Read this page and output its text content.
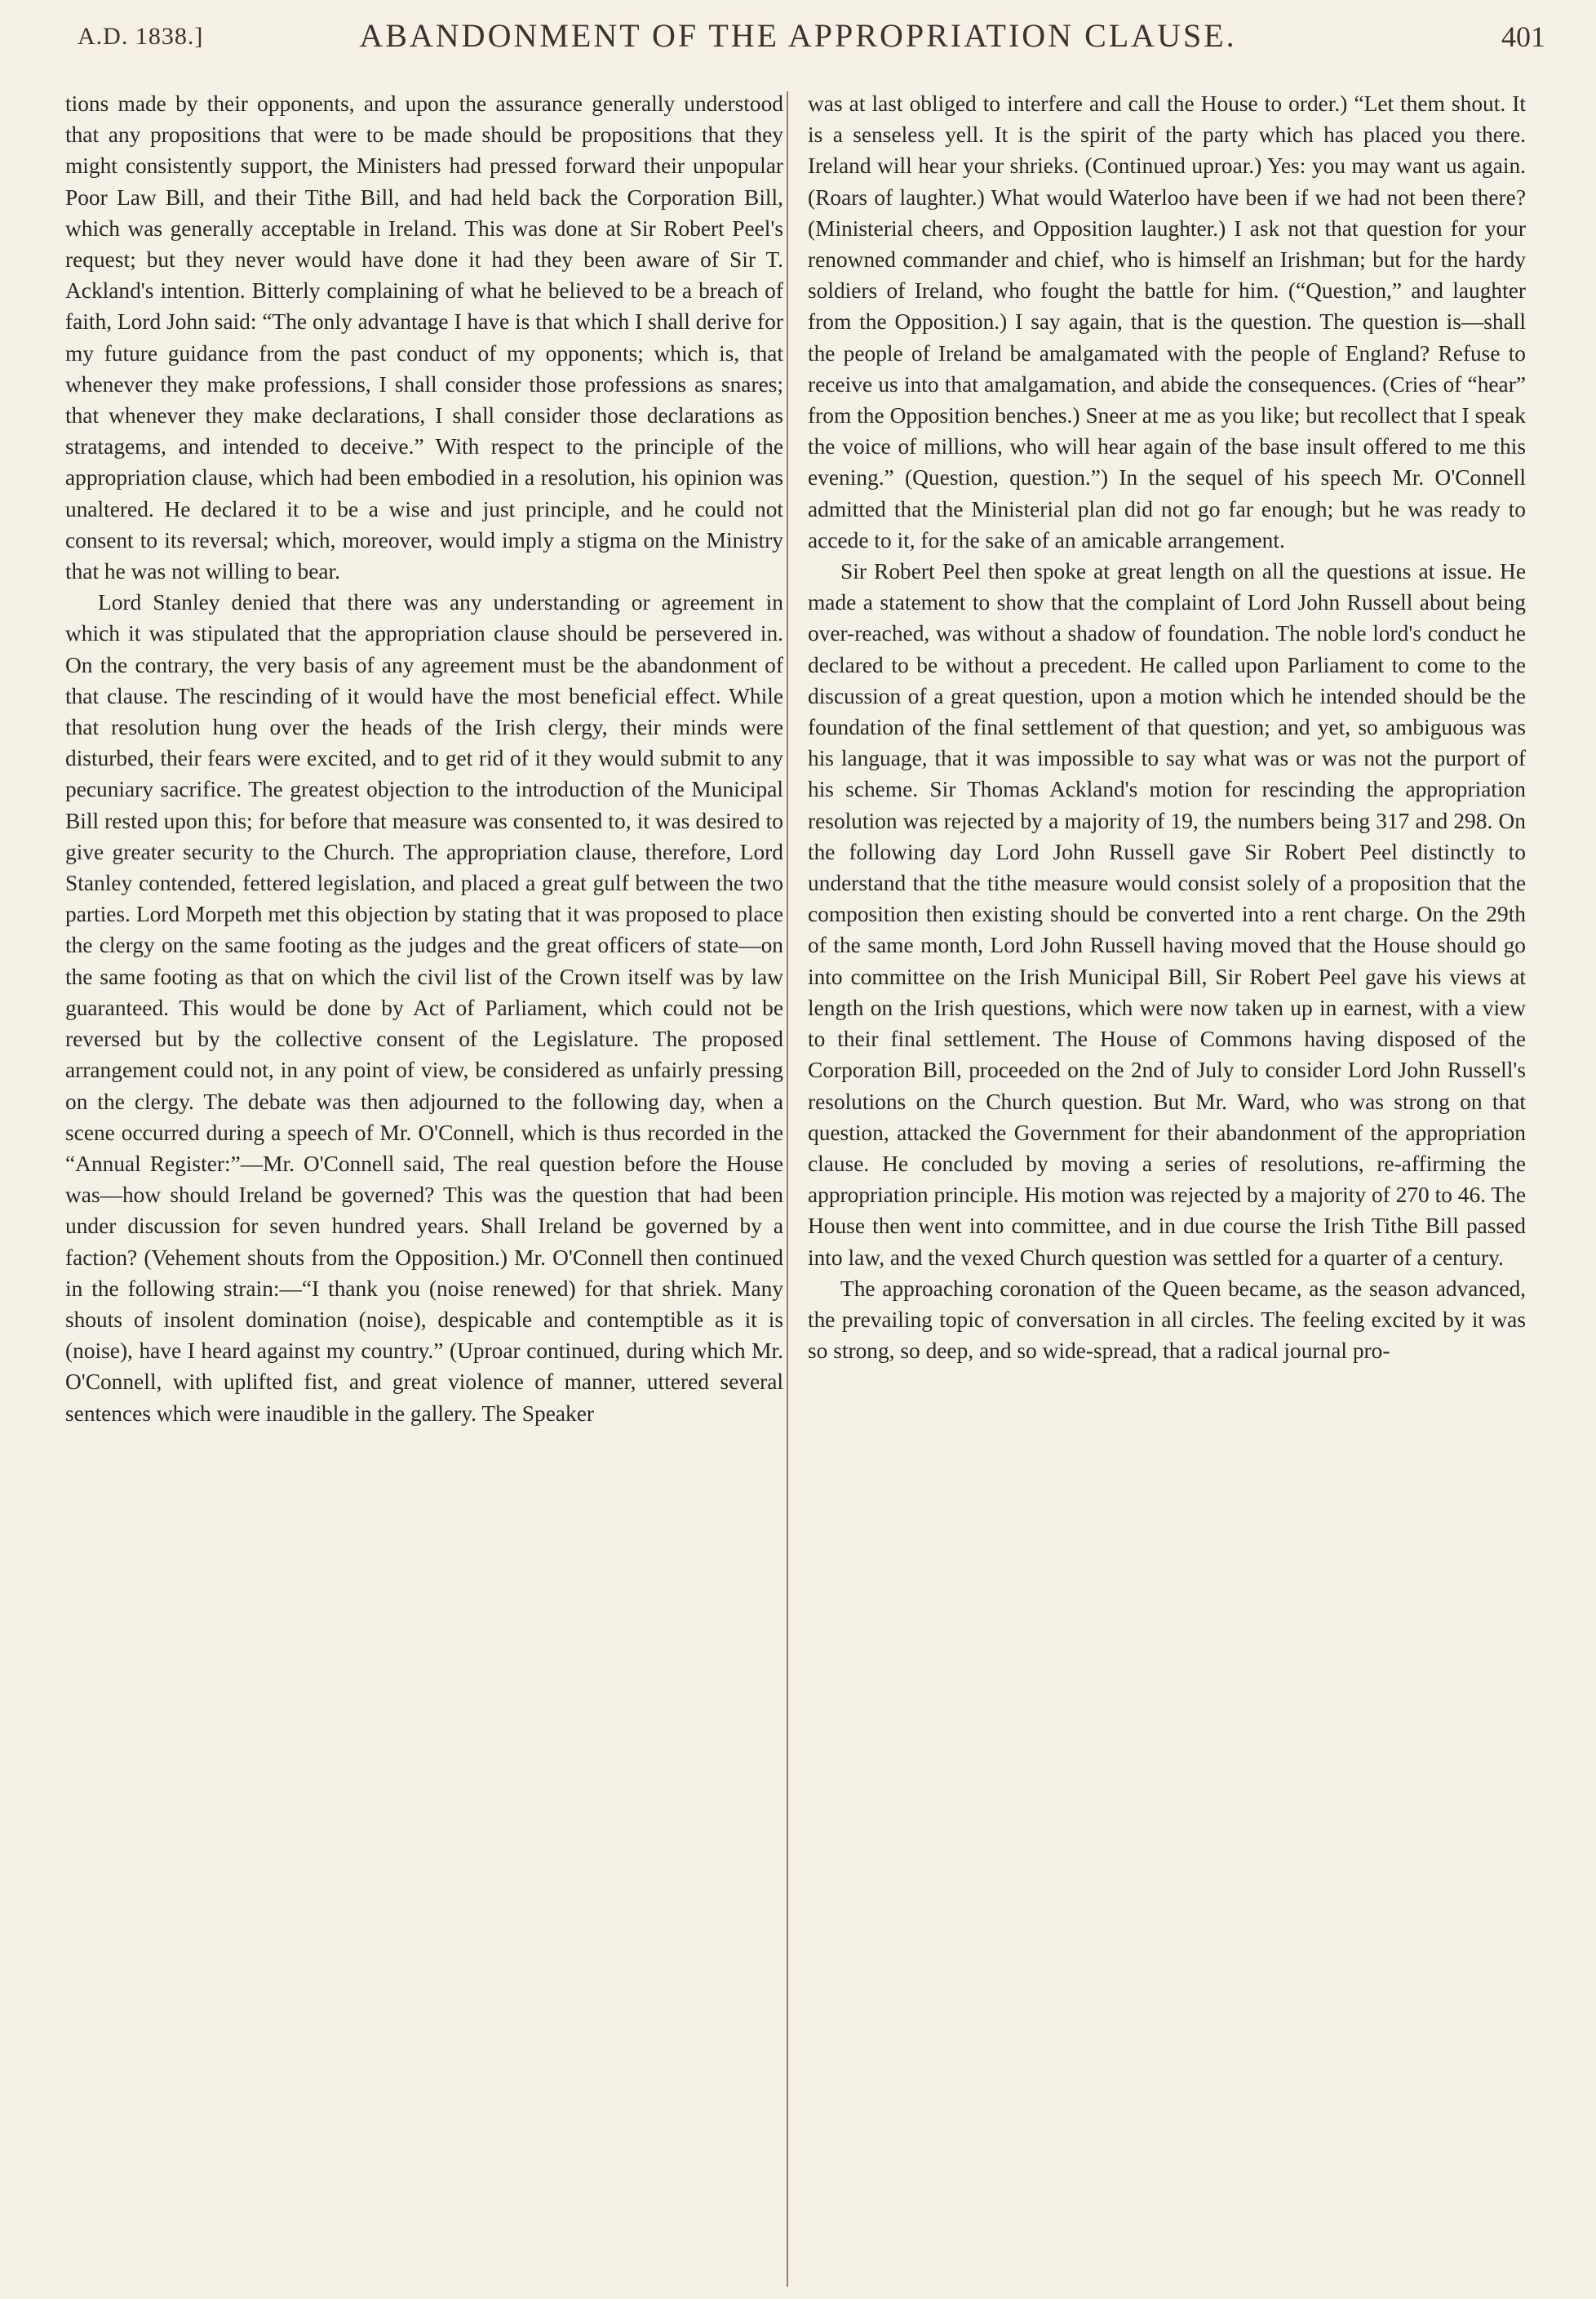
A.D. 1838.]	ABANDONMENT OF THE APPROPRIATION CLAUSE.	401

tions made by their opponents, and upon the assurance generally understood that any propositions that were to be made should be propositions that they might consistently support, the Ministers had pressed forward their unpopular Poor Law Bill, and their Tithe Bill, and had held back the Corporation Bill, which was generally acceptable in Ireland. This was done at Sir Robert Peel's request; but they never would have done it had they been aware of Sir T. Ackland's intention. Bitterly complaining of what he believed to be a breach of faith, Lord John said: “The only advantage I have is that which I shall derive for my future guidance from the past conduct of my opponents; which is, that whenever they make professions, I shall consider those professions as snares; that whenever they make declarations, I shall consider those declarations as stratagems, and intended to deceive.” With respect to the principle of the appropriation clause, which had been embodied in a resolution, his opinion was unaltered. He declared it to be a wise and just principle, and he could not consent to its reversal; which, moreover, would imply a stigma on the Ministry that he was not willing to bear.

Lord Stanley denied that there was any understanding or agreement in which it was stipulated that the appropriation clause should be persevered in. On the contrary, the very basis of any agreement must be the abandonment of that clause. The rescinding of it would have the most beneficial effect. While that resolution hung over the heads of the Irish clergy, their minds were disturbed, their fears were excited, and to get rid of it they would submit to any pecuniary sacrifice. The greatest objection to the introduction of the Municipal Bill rested upon this; for before that measure was consented to, it was desired to give greater security to the Church. The appropriation clause, therefore, Lord Stanley contended, fettered legislation, and placed a great gulf between the two parties. Lord Morpeth met this objection by stating that it was proposed to place the clergy on the same footing as the judges and the great officers of state—on the same footing as that on which the civil list of the Crown itself was by law guaranteed. This would be done by Act of Parliament, which could not be reversed but by the collective consent of the Legislature. The proposed arrangement could not, in any point of view, be considered as unfairly pressing on the clergy. The debate was then adjourned to the following day, when a scene occurred during a speech of Mr. O'Connell, which is thus recorded in the “Annual Register:”—Mr. O'Connell said, The real question before the House was—how should Ireland be governed? This was the question that had been under discussion for seven hundred years. Shall Ireland be governed by a faction? (Vehement shouts from the Opposition.) Mr. O'Connell then continued in the following strain:—“I thank you (noise renewed) for that shriek. Many shouts of insolent domination (noise), despicable and contemptible as it is (noise), have I heard against my country.” (Uproar continued, during which Mr. O'Connell, with uplifted fist, and great violence of manner, uttered several sentences which were inaudible in the gallery. The Speaker

was at last obliged to interfere and call the House to order.) “Let them shout. It is a senseless yell. It is the spirit of the party which has placed you there. Ireland will hear your shrieks. (Continued uproar.) Yes: you may want us again. (Roars of laughter.) What would Waterloo have been if we had not been there? (Ministerial cheers, and Opposition laughter.) I ask not that question for your renowned commander and chief, who is himself an Irishman; but for the hardy soldiers of Ireland, who fought the battle for him. (“Question,” and laughter from the Opposition.) I say again, that is the question. The question is—shall the people of Ireland be amalgamated with the people of England? Refuse to receive us into that amalgamation, and abide the consequences. (Cries of “hear” from the Opposition benches.) Sneer at me as you like; but recollect that I speak the voice of millions, who will hear again of the base insult offered to me this evening.” (Question, question.”) In the sequel of his speech Mr. O'Connell admitted that the Ministerial plan did not go far enough; but he was ready to accede to it, for the sake of an amicable arrangement.

Sir Robert Peel then spoke at great length on all the questions at issue. He made a statement to show that the complaint of Lord John Russell about being over-reached, was without a shadow of foundation. The noble lord's conduct he declared to be without a precedent. He called upon Parliament to come to the discussion of a great question, upon a motion which he intended should be the foundation of the final settlement of that question; and yet, so ambiguous was his language, that it was impossible to say what was or was not the purport of his scheme. Sir Thomas Ackland's motion for rescinding the appropriation resolution was rejected by a majority of 19, the numbers being 317 and 298. On the following day Lord John Russell gave Sir Robert Peel distinctly to understand that the tithe measure would consist solely of a proposition that the composition then existing should be converted into a rent charge. On the 29th of the same month, Lord John Russell having moved that the House should go into committee on the Irish Municipal Bill, Sir Robert Peel gave his views at length on the Irish questions, which were now taken up in earnest, with a view to their final settlement. The House of Commons having disposed of the Corporation Bill, proceeded on the 2nd of July to consider Lord John Russell's resolutions on the Church question. But Mr. Ward, who was strong on that question, attacked the Government for their abandonment of the appropriation clause. He concluded by moving a series of resolutions, re-affirming the appropriation principle. His motion was rejected by a majority of 270 to 46. The House then went into committee, and in due course the Irish Tithe Bill passed into law, and the vexed Church question was settled for a quarter of a century.

The approaching coronation of the Queen became, as the season advanced, the prevailing topic of conversation in all circles. The feeling excited by it was so strong, so deep, and so wide-spread, that a radical journal pro-
